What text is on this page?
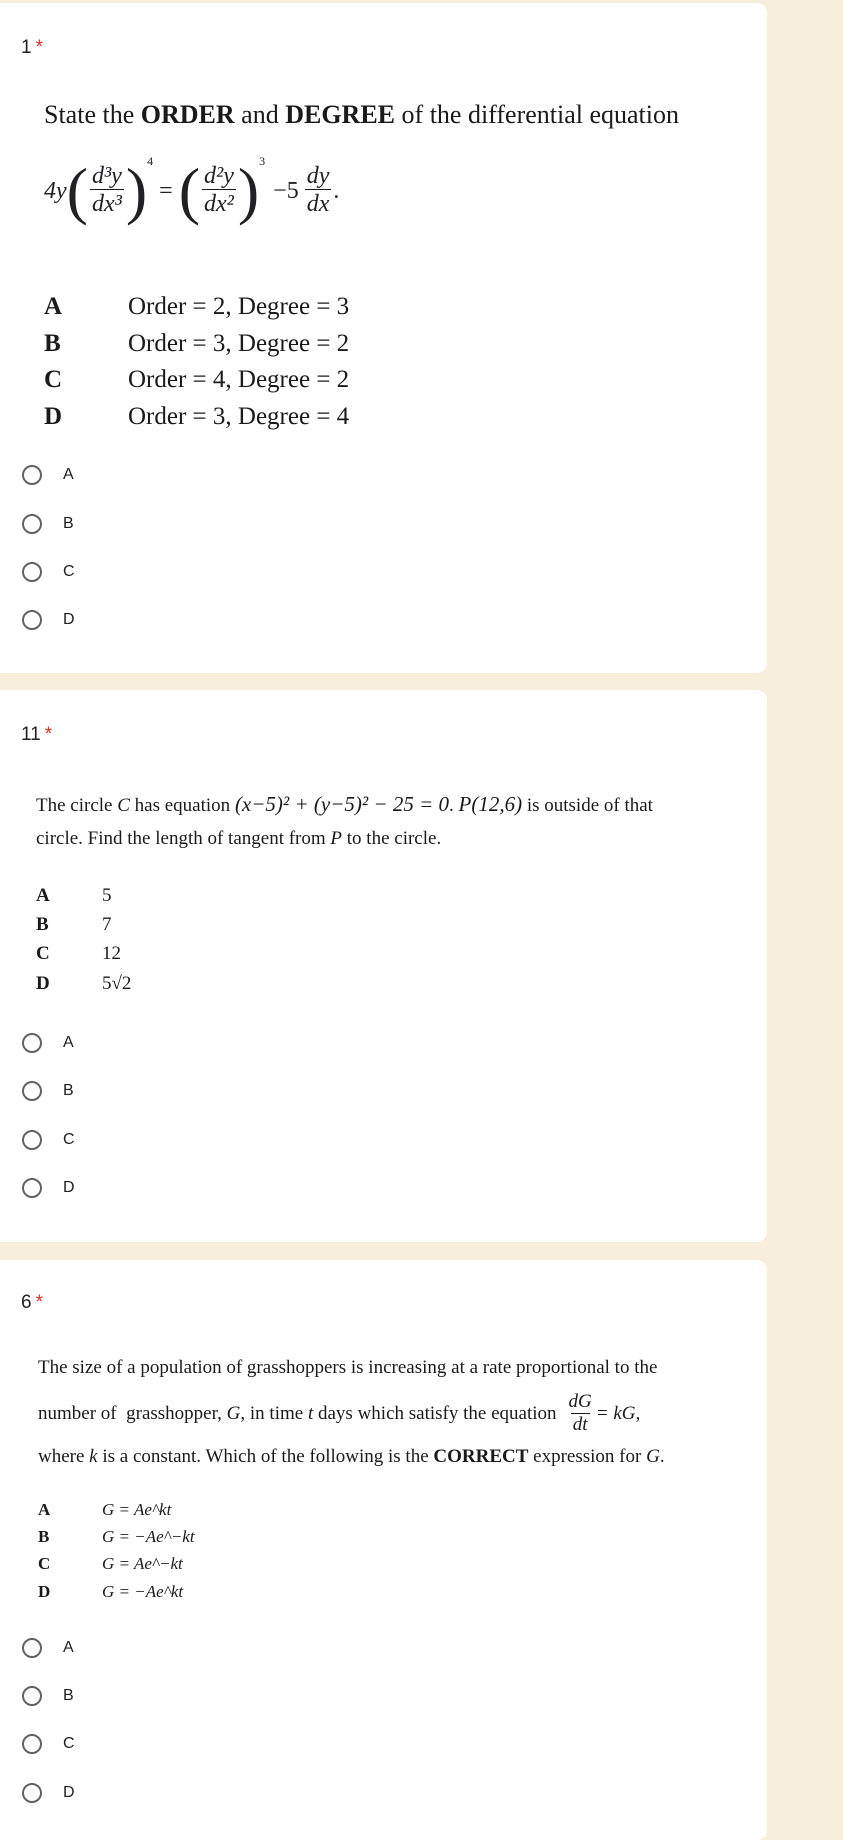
1 *
State the ORDER and DEGREE of the differential equation
4y ( $\frac{\text{d³y}}{\text{dx³}}$ ) 4
= ( $\frac{\text{d²y}}{\text{dx²}}$ ) 3
$-5 \frac{dy}{dx}$ .
A	Order = 2, Degree = 3
B	Order = 3, Degree = 2
C	Order = 4, Degree = 2
D	Order = 3, Degree = 4
A
B
C
D
11 *
The circle C has equation (x−5)² + (y−5)² − 25 = 0. P(12,6) is outside of that
circle. Find the length of tangent from P to the circle.
A	5
B	7
C	12
D	5√2
A
B
C
D
6 *
The size of a population of grasshoppers is increasing at a rate proportional to the
number of  grasshopper, G , in time t days which satisfy the equation $\frac{dG}{dt}$ = kG,
where k is a constant. Which of the following is the CORRECT expression for G.
A	G = Ae^kt
B	G = −Ae^−kt
C	G = Ae^−kt
D	G = −Ae^kt
A
B
C
D
